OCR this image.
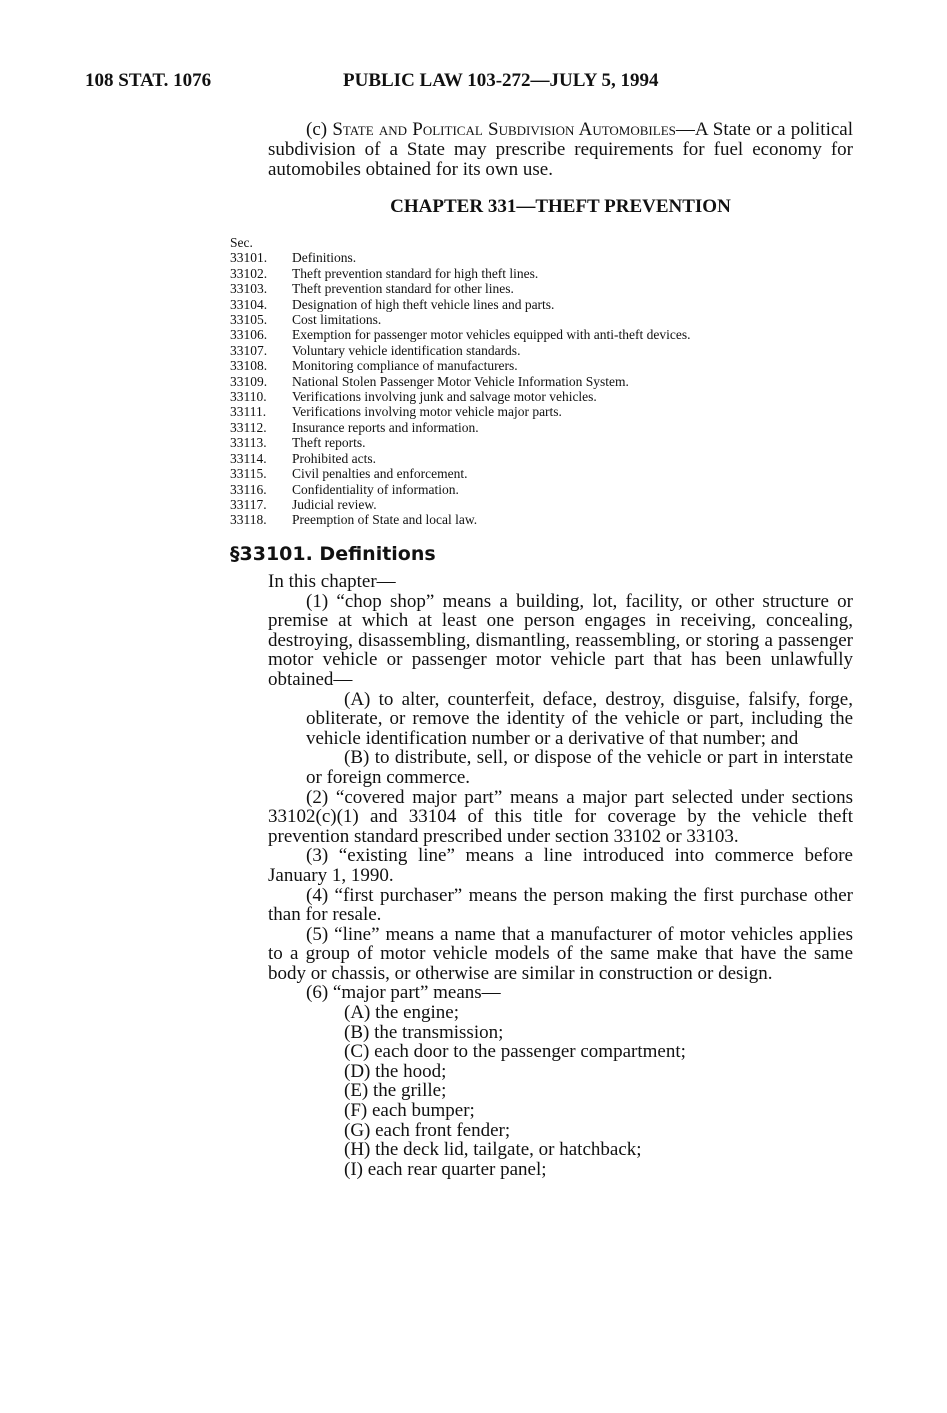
108 STAT. 1076	PUBLIC LAW 103-272—JULY 5, 1994

(c) State and Political Subdivision Automobiles—A State or a political subdivision of a State may prescribe requirements for fuel economy for automobiles obtained for its own use.

CHAPTER 331—THEFT PREVENTION

Sec.
33101.	Definitions.
33102.	Theft prevention standard for high theft lines.
33103.	Theft prevention standard for other lines.
33104.	Designation of high theft vehicle lines and parts.
33105.	Cost limitations.
33106.	Exemption for passenger motor vehicles equipped with anti-theft devices.
33107.	Voluntary vehicle identification standards.
33108.	Monitoring compliance of manufacturers.
33109.	National Stolen Passenger Motor Vehicle Information System.
33110.	Verifications involving junk and salvage motor vehicles.
33111.	Verifications involving motor vehicle major parts.
33112.	Insurance reports and information.
33113.	Theft reports.
33114.	Prohibited acts.
33115.	Civil penalties and enforcement.
33116.	Confidentiality of information.
33117.	Judicial review.
33118.	Preemption of State and local law.
§33101. Definitions

In this chapter—

(1) “chop shop” means a building, lot, facility, or other structure or premise at which at least one person engages in receiving, concealing, destroying, disassembling, dismantling, reassembling, or storing a passenger motor vehicle or passenger motor vehicle part that has been unlawfully obtained—

(A) to alter, counterfeit, deface, destroy, disguise, falsify, forge, obliterate, or remove the identity of the vehicle or part, including the vehicle identification number or a derivative of that number; and

(B) to distribute, sell, or dispose of the vehicle or part in interstate or foreign commerce.

(2) “covered major part” means a major part selected under sections 33102(c)(1) and 33104 of this title for coverage by the vehicle theft prevention standard prescribed under section 33102 or 33103.

(3) “existing line” means a line introduced into commerce before January 1, 1990.

(4) “first purchaser” means the person making the first purchase other than for resale.

(5) “line” means a name that a manufacturer of motor vehicles applies to a group of motor vehicle models of the same make that have the same body or chassis, or otherwise are similar in construction or design.

(6) “major part” means—

(A) the engine;

(B) the transmission;

(C) each door to the passenger compartment;

(D) the hood;

(E) the grille;

(F) each bumper;

(G) each front fender;

(H) the deck lid, tailgate, or hatchback;

(I) each rear quarter panel;
